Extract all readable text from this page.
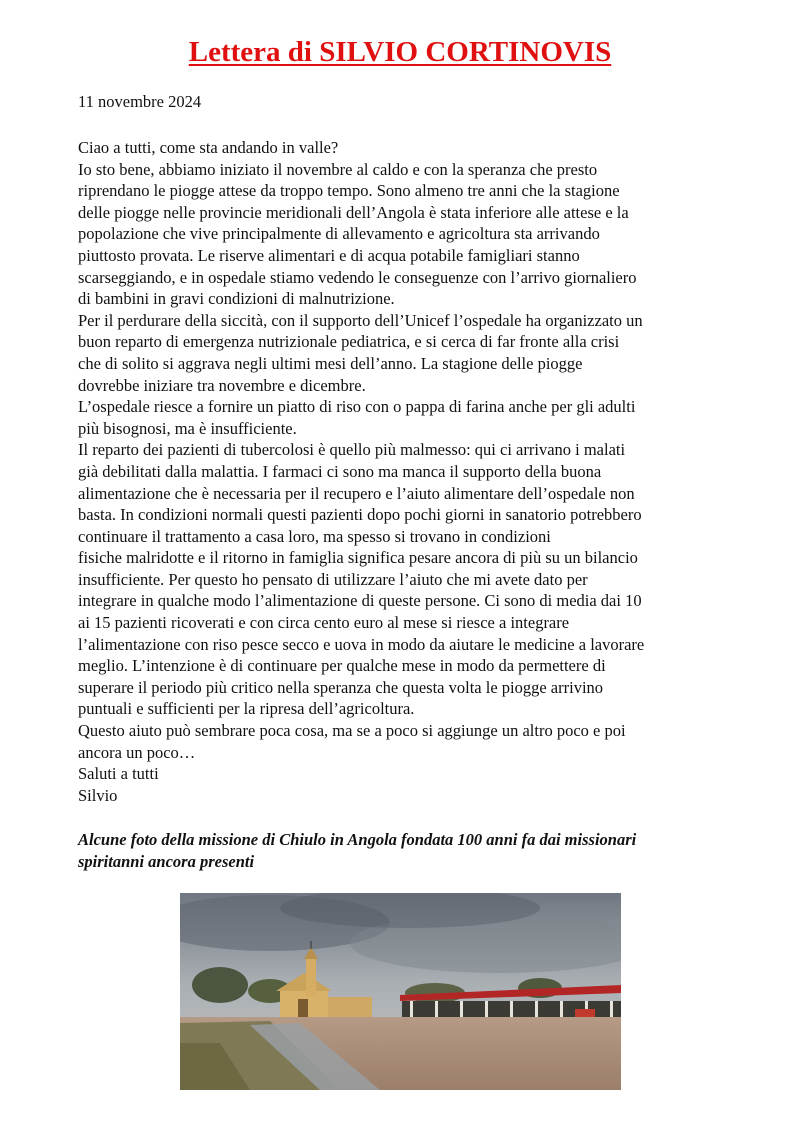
Lettera di SILVIO CORTINOVIS
11 novembre 2024
Ciao a tutti, come sta andando in valle?
Io sto bene, abbiamo iniziato il novembre al caldo e con la speranza che presto
riprendano le piogge attese da troppo tempo. Sono almeno tre anni che la stagione
delle piogge nelle provincie meridionali dell’Angola è stata inferiore alle attese e la
popolazione che vive principalmente di allevamento e agricoltura sta arrivando
piuttosto provata. Le riserve alimentari e di acqua potabile famigliari stanno
scarseggiando, e in ospedale stiamo vedendo le conseguenze con l’arrivo giornaliero
di bambini in gravi condizioni di malnutrizione.
Per il perdurare della siccità, con il supporto dell’Unicef l’ospedale ha organizzato un
buon reparto di emergenza nutrizionale pediatrica, e si cerca di far fronte alla crisi
che di solito si aggrava negli ultimi mesi dell’anno. La stagione delle piogge
dovrebbe iniziare tra novembre e dicembre.
L’ospedale riesce a fornire un piatto di riso con o pappa di farina anche per gli adulti
più bisognosi, ma è insufficiente.
Il reparto dei pazienti di tubercolosi è quello più malmesso: qui ci arrivano i malati
già debilitati dalla malattia. I farmaci ci sono ma manca il supporto della buona
alimentazione che è necessaria per il recupero e l’aiuto alimentare dell’ospedale non
basta. In condizioni normali questi pazienti dopo pochi giorni in sanatorio potrebbero
continuare il trattamento a casa loro, ma spesso si trovano in condizioni
fisiche malridotte e il ritorno in famiglia significa pesare ancora di più su un bilancio
insufficiente. Per questo ho pensato di utilizzare l’aiuto che mi avete dato per
integrare in qualche modo l’alimentazione di queste persone. Ci sono di media dai 10
ai 15 pazienti ricoverati e con circa cento euro al mese si riesce a integrare
l’alimentazione con riso pesce secco e uova in modo da aiutare le medicine a lavorare
meglio. L’intenzione è di continuare per qualche mese in modo da permettere di
superare il periodo più critico nella speranza che questa volta le piogge arrivino
puntuali e sufficienti per la ripresa dell’agricoltura.
Questo aiuto può sembrare poca cosa, ma se a poco si aggiunge un altro poco e poi
ancora un poco…
Saluti a tutti
Silvio
Alcune foto della missione di Chiulo in Angola fondata 100 anni fa dai missionari
spiritanni ancora presenti
